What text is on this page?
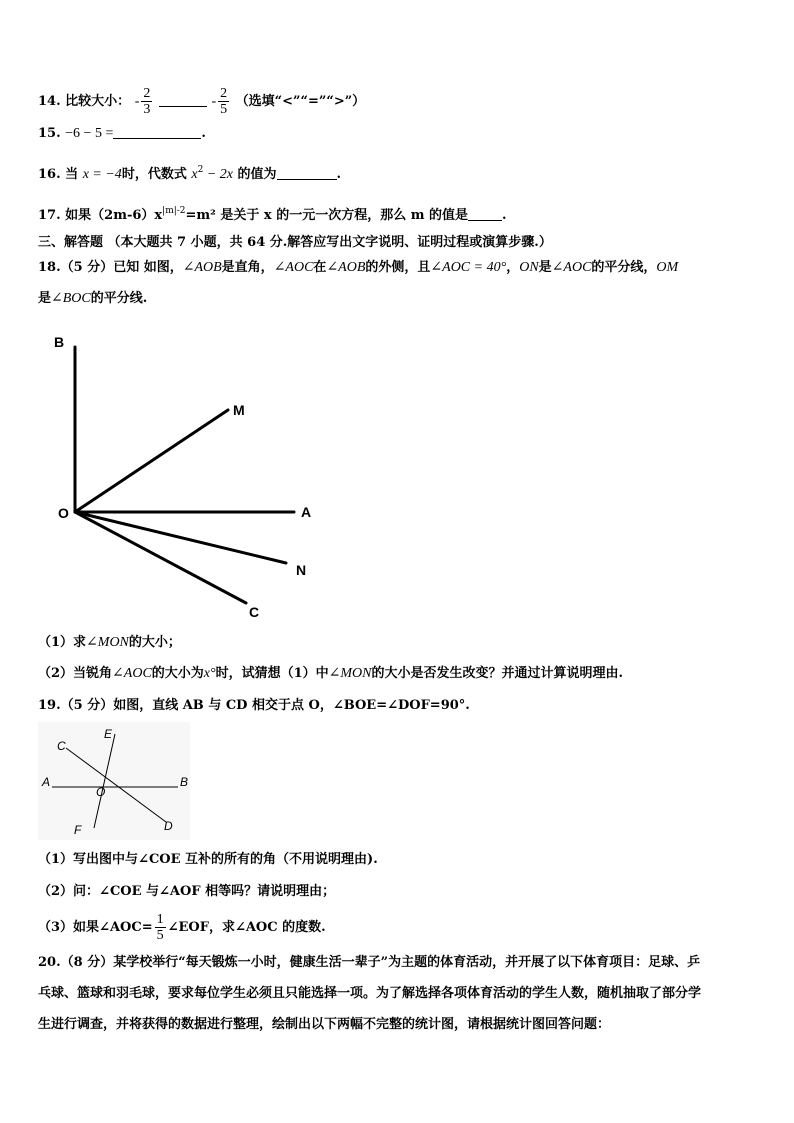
14. 比较大小： - $\frac{2}{3}$	- $\frac{2}{5}$ （选填“<”“=”“>”）
15. −6 − 5 =	.
16. 当 x = −4时，代数式 $x^2 - 2x$ 的值为	.
17. 如果$(2m-6)x^{|m|-2}=m^2$ 是关于 x 的一元一次方程，那么 m 的值是	.
三、解答题 （本大题共 7 小题，共 64 分.解答应写出文字说明、证明过程或演算步骤.）
18.（5 分）已知 如图，∠AOB是直角，∠AOC在∠AOB的外侧，且∠AOC = 40°，ON是∠AOC的平分线，OM
是∠BOC的平分线.
B
M
O	A
N
C
（1）求∠MON的大小；
（2）当锐角∠AOC的大小为x°时，试猜想（1）中∠MON的大小是否发生改变？并通过计算说明理由.
19.（5 分）如图，直线 AB 与 CD 相交于点 O，∠BOE=∠DOF=90°.
C
E
A	B
O
F	D
（1）写出图中与∠COE 互补的所有的角（不用说明理由).
（2）问：∠COE 与∠AOF 相等吗？请说明理由；
（3）如果∠AOC= $\frac{1}{5}$ ∠EOF，求∠AOC 的度数.
20.（8 分）某学校举行“每天锻炼一小时，健康生活一辈子”为主题的体育活动，并开展了以下体育项目：足球、乒
乓球、篮球和羽毛球，要求每位学生必须且只能选择一项。为了解选择各项体育活动的学生人数，随机抽取了部分学
生进行调查，并将获得的数据进行整理，绘制出以下两幅不完整的统计图，请根据统计图回答问题：
